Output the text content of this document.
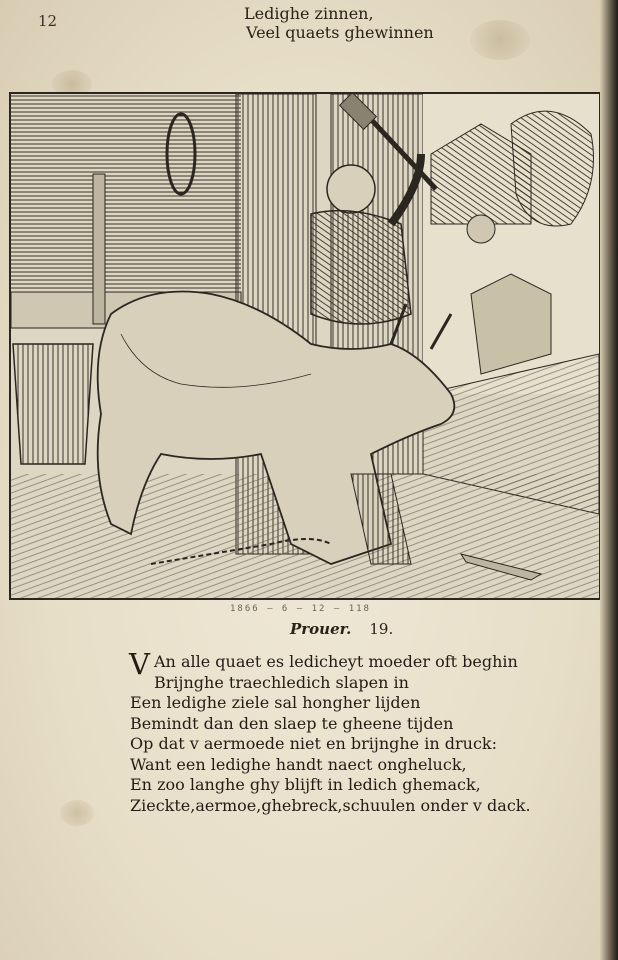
12	Ledighe zinnen,
Veel quaets ghewinnen
1866 — 6 — 12 — 118
Prouer. 19.
V An alle quaet es ledicheyt moeder oft beghin
Brijnghe traechledich slapen in
Een ledighe ziele sal hongher lijden
Bemindt dan den slaep te gheene tijden
Op dat v aermoede niet en brijnghe in druck:
Want een ledighe handt naect ongheluck,
En zoo langhe ghy blijft in ledich ghemack,
Zieckte,aermoe,ghebreck,schuulen onder v dack.
